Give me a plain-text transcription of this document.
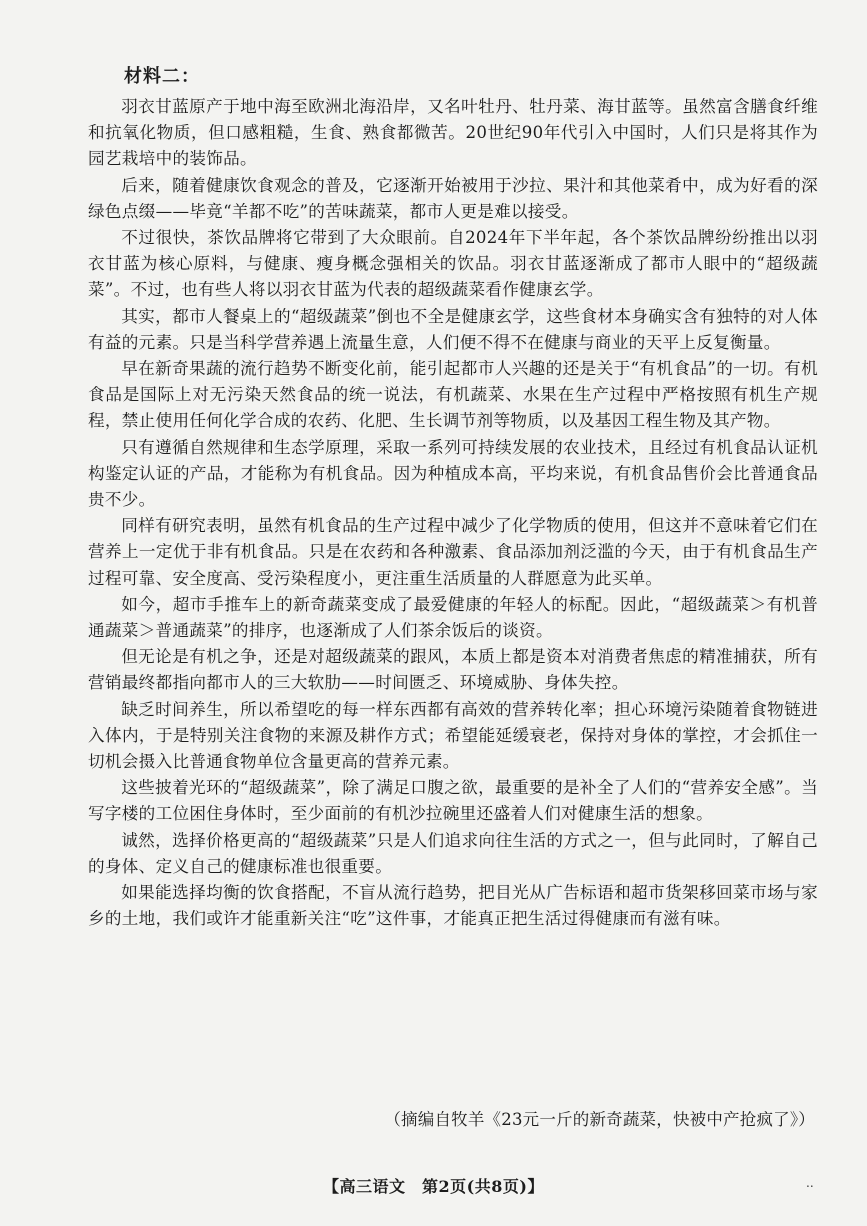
材料二：

羽衣甘蓝原产于地中海至欧洲北海沿岸，又名叶牡丹、牡丹菜、海甘蓝等。虽然富含膳食纤维和抗氧化物质，但口感粗糙，生食、熟食都微苦。20世纪90年代引入中国时，人们只是将其作为园艺栽培中的装饰品。

后来，随着健康饮食观念的普及，它逐渐开始被用于沙拉、果汁和其他菜肴中，成为好看的深绿色点缀——毕竟“羊都不吃”的苦味蔬菜，都市人更是难以接受。

不过很快，茶饮品牌将它带到了大众眼前。自2024年下半年起，各个茶饮品牌纷纷推出以羽衣甘蓝为核心原料，与健康、瘦身概念强相关的饮品。羽衣甘蓝逐渐成了都市人眼中的“超级蔬菜”。不过，也有些人将以羽衣甘蓝为代表的超级蔬菜看作健康玄学。

其实，都市人餐桌上的“超级蔬菜”倒也不全是健康玄学，这些食材本身确实含有独特的对人体有益的元素。只是当科学营养遇上流量生意，人们便不得不在健康与商业的天平上反复衡量。

早在新奇果蔬的流行趋势不断变化前，能引起都市人兴趣的还是关于“有机食品”的一切。有机食品是国际上对无污染天然食品的统一说法，有机蔬菜、水果在生产过程中严格按照有机生产规程，禁止使用任何化学合成的农药、化肥、生长调节剂等物质，以及基因工程生物及其产物。

只有遵循自然规律和生态学原理，采取一系列可持续发展的农业技术，且经过有机食品认证机构鉴定认证的产品，才能称为有机食品。因为种植成本高，平均来说，有机食品售价会比普通食品贵不少。

同样有研究表明，虽然有机食品的生产过程中减少了化学物质的使用，但这并不意味着它们在营养上一定优于非有机食品。只是在农药和各种激素、食品添加剂泛滥的今天，由于有机食品生产过程可靠、安全度高、受污染程度小，更注重生活质量的人群愿意为此买单。

如今，超市手推车上的新奇蔬菜变成了最爱健康的年轻人的标配。因此，“超级蔬菜＞有机普通蔬菜＞普通蔬菜”的排序，也逐渐成了人们茶余饭后的谈资。

但无论是有机之争，还是对超级蔬菜的跟风，本质上都是资本对消费者焦虑的精准捕获，所有营销最终都指向都市人的三大软肋——时间匮乏、环境威胁、身体失控。

缺乏时间养生，所以希望吃的每一样东西都有高效的营养转化率；担心环境污染随着食物链进入体内，于是特别关注食物的来源及耕作方式；希望能延缓衰老，保持对身体的掌控，才会抓住一切机会摄入比普通食物单位含量更高的营养元素。

这些披着光环的“超级蔬菜”，除了满足口腹之欲，最重要的是补全了人们的“营养安全感”。当写字楼的工位困住身体时，至少面前的有机沙拉碗里还盛着人们对健康生活的想象。

诚然，选择价格更高的“超级蔬菜”只是人们追求向往生活的方式之一，但与此同时，了解自己的身体、定义自己的健康标准也很重要。

如果能选择均衡的饮食搭配，不盲从流行趋势，把目光从广告标语和超市货架移回菜市场与家乡的土地，我们或许才能重新关注“吃”这件事，才能真正把生活过得健康而有滋有味。

（摘编自牧羊《23元一斤的新奇蔬菜，快被中产抢疯了》）
【高三语文　第2页(共8页)】	..
